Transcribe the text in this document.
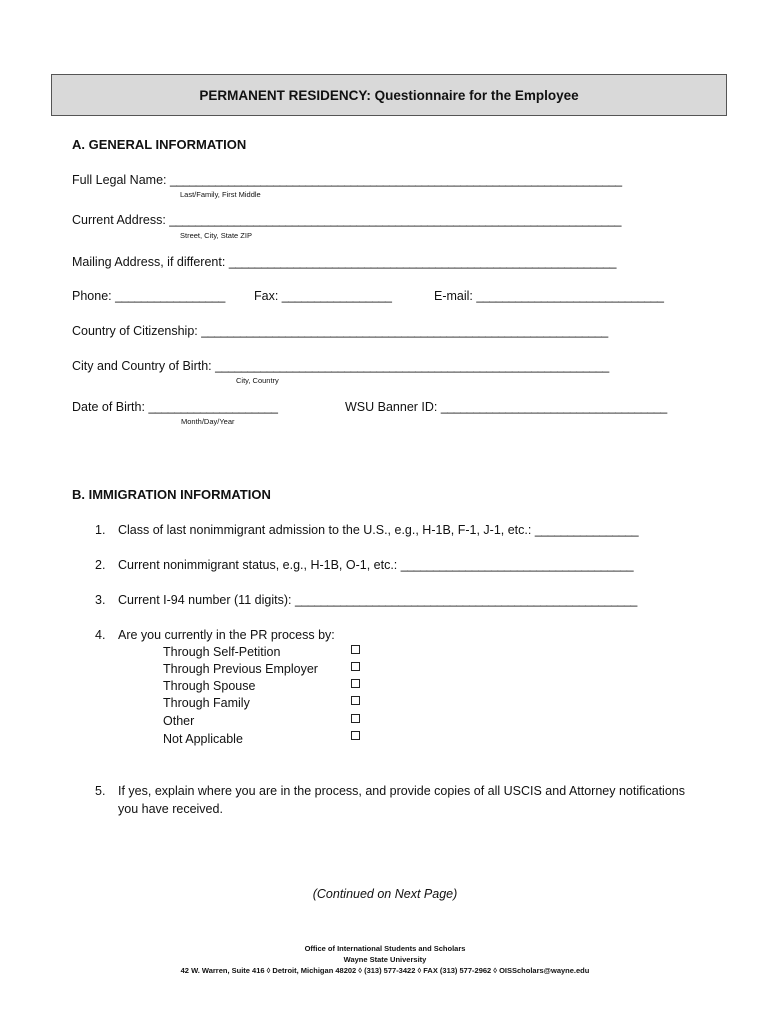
PERMANENT RESIDENCY: Questionnaire for the Employee
A. GENERAL INFORMATION
Full Legal Name: ______________________________________________________________________
Last/Family, First Middle
Current Address: ______________________________________________________________________
Street, City, State ZIP
Mailing Address, if different: ____________________________________________________________
Phone: _________________ Fax: _________________	E-mail: _____________________________
Country of Citizenship: _______________________________________________________________
City and Country of Birth: _____________________________________________________________
City, Country
Date of Birth: ____________________
Month/Day/Year
WSU Banner ID: ___________________________________
B. IMMIGRATION INFORMATION
1. Class of last nonimmigrant admission to the U.S., e.g., H-1B, F-1, J-1, etc.: ________________
2. Current nonimmigrant status, e.g., H-1B, O-1, etc.: ____________________________________
3. Current I-94 number (11 digits): _____________________________________________________
4. Are you currently in the PR process by:
Through Self-Petition
Through Previous Employer
Through Spouse
Through Family
Other
Not Applicable
5. If yes, explain where you are in the process, and provide copies of all USCIS and Attorney notifications
you have received.
(Continued on Next Page)
Office of International Students and Scholars
Wayne State University
42 W. Warren, Suite 416 ◊ Detroit, Michigan 48202 ◊ (313) 577-3422 ◊ FAX (313) 577-2962 ◊ OISScholars@wayne.edu
